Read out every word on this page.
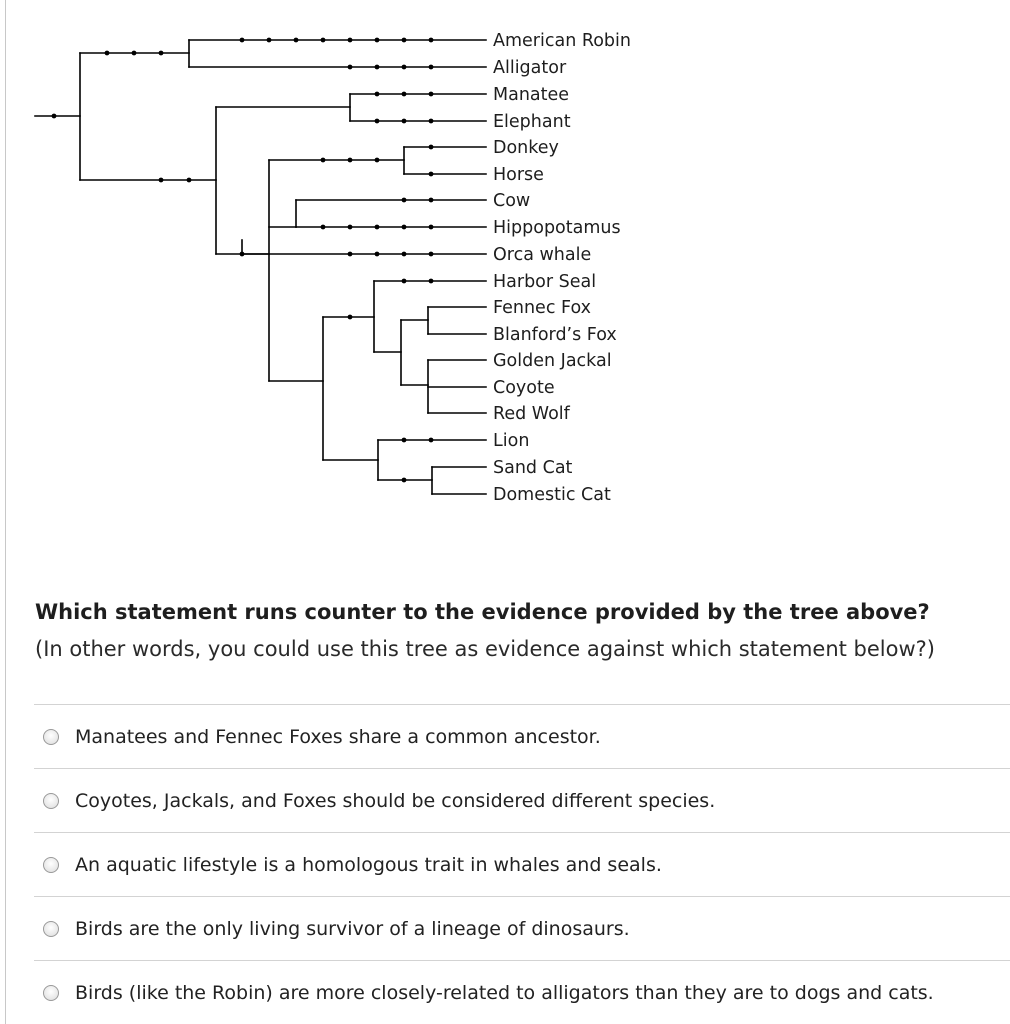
American Robin
Alligator
Manatee
Elephant
Donkey
Horse
Cow
Hippopotamus
Orca whale
Harbor Seal
Fennec Fox
Blanford’s Fox
Golden Jackal
Coyote
Red Wolf
Lion
Sand Cat
Domestic Cat

Which statement runs counter to the evidence provided by the tree above?

(In other words, you could use this tree as evidence against which statement below?)

Manatees and Fennec Foxes share a common ancestor.
Coyotes, Jackals, and Foxes should be considered different species.
An aquatic lifestyle is a homologous trait in whales and seals.
Birds are the only living survivor of a lineage of dinosaurs.
Birds (like the Robin) are more closely-related to alligators than they are to dogs and cats.
